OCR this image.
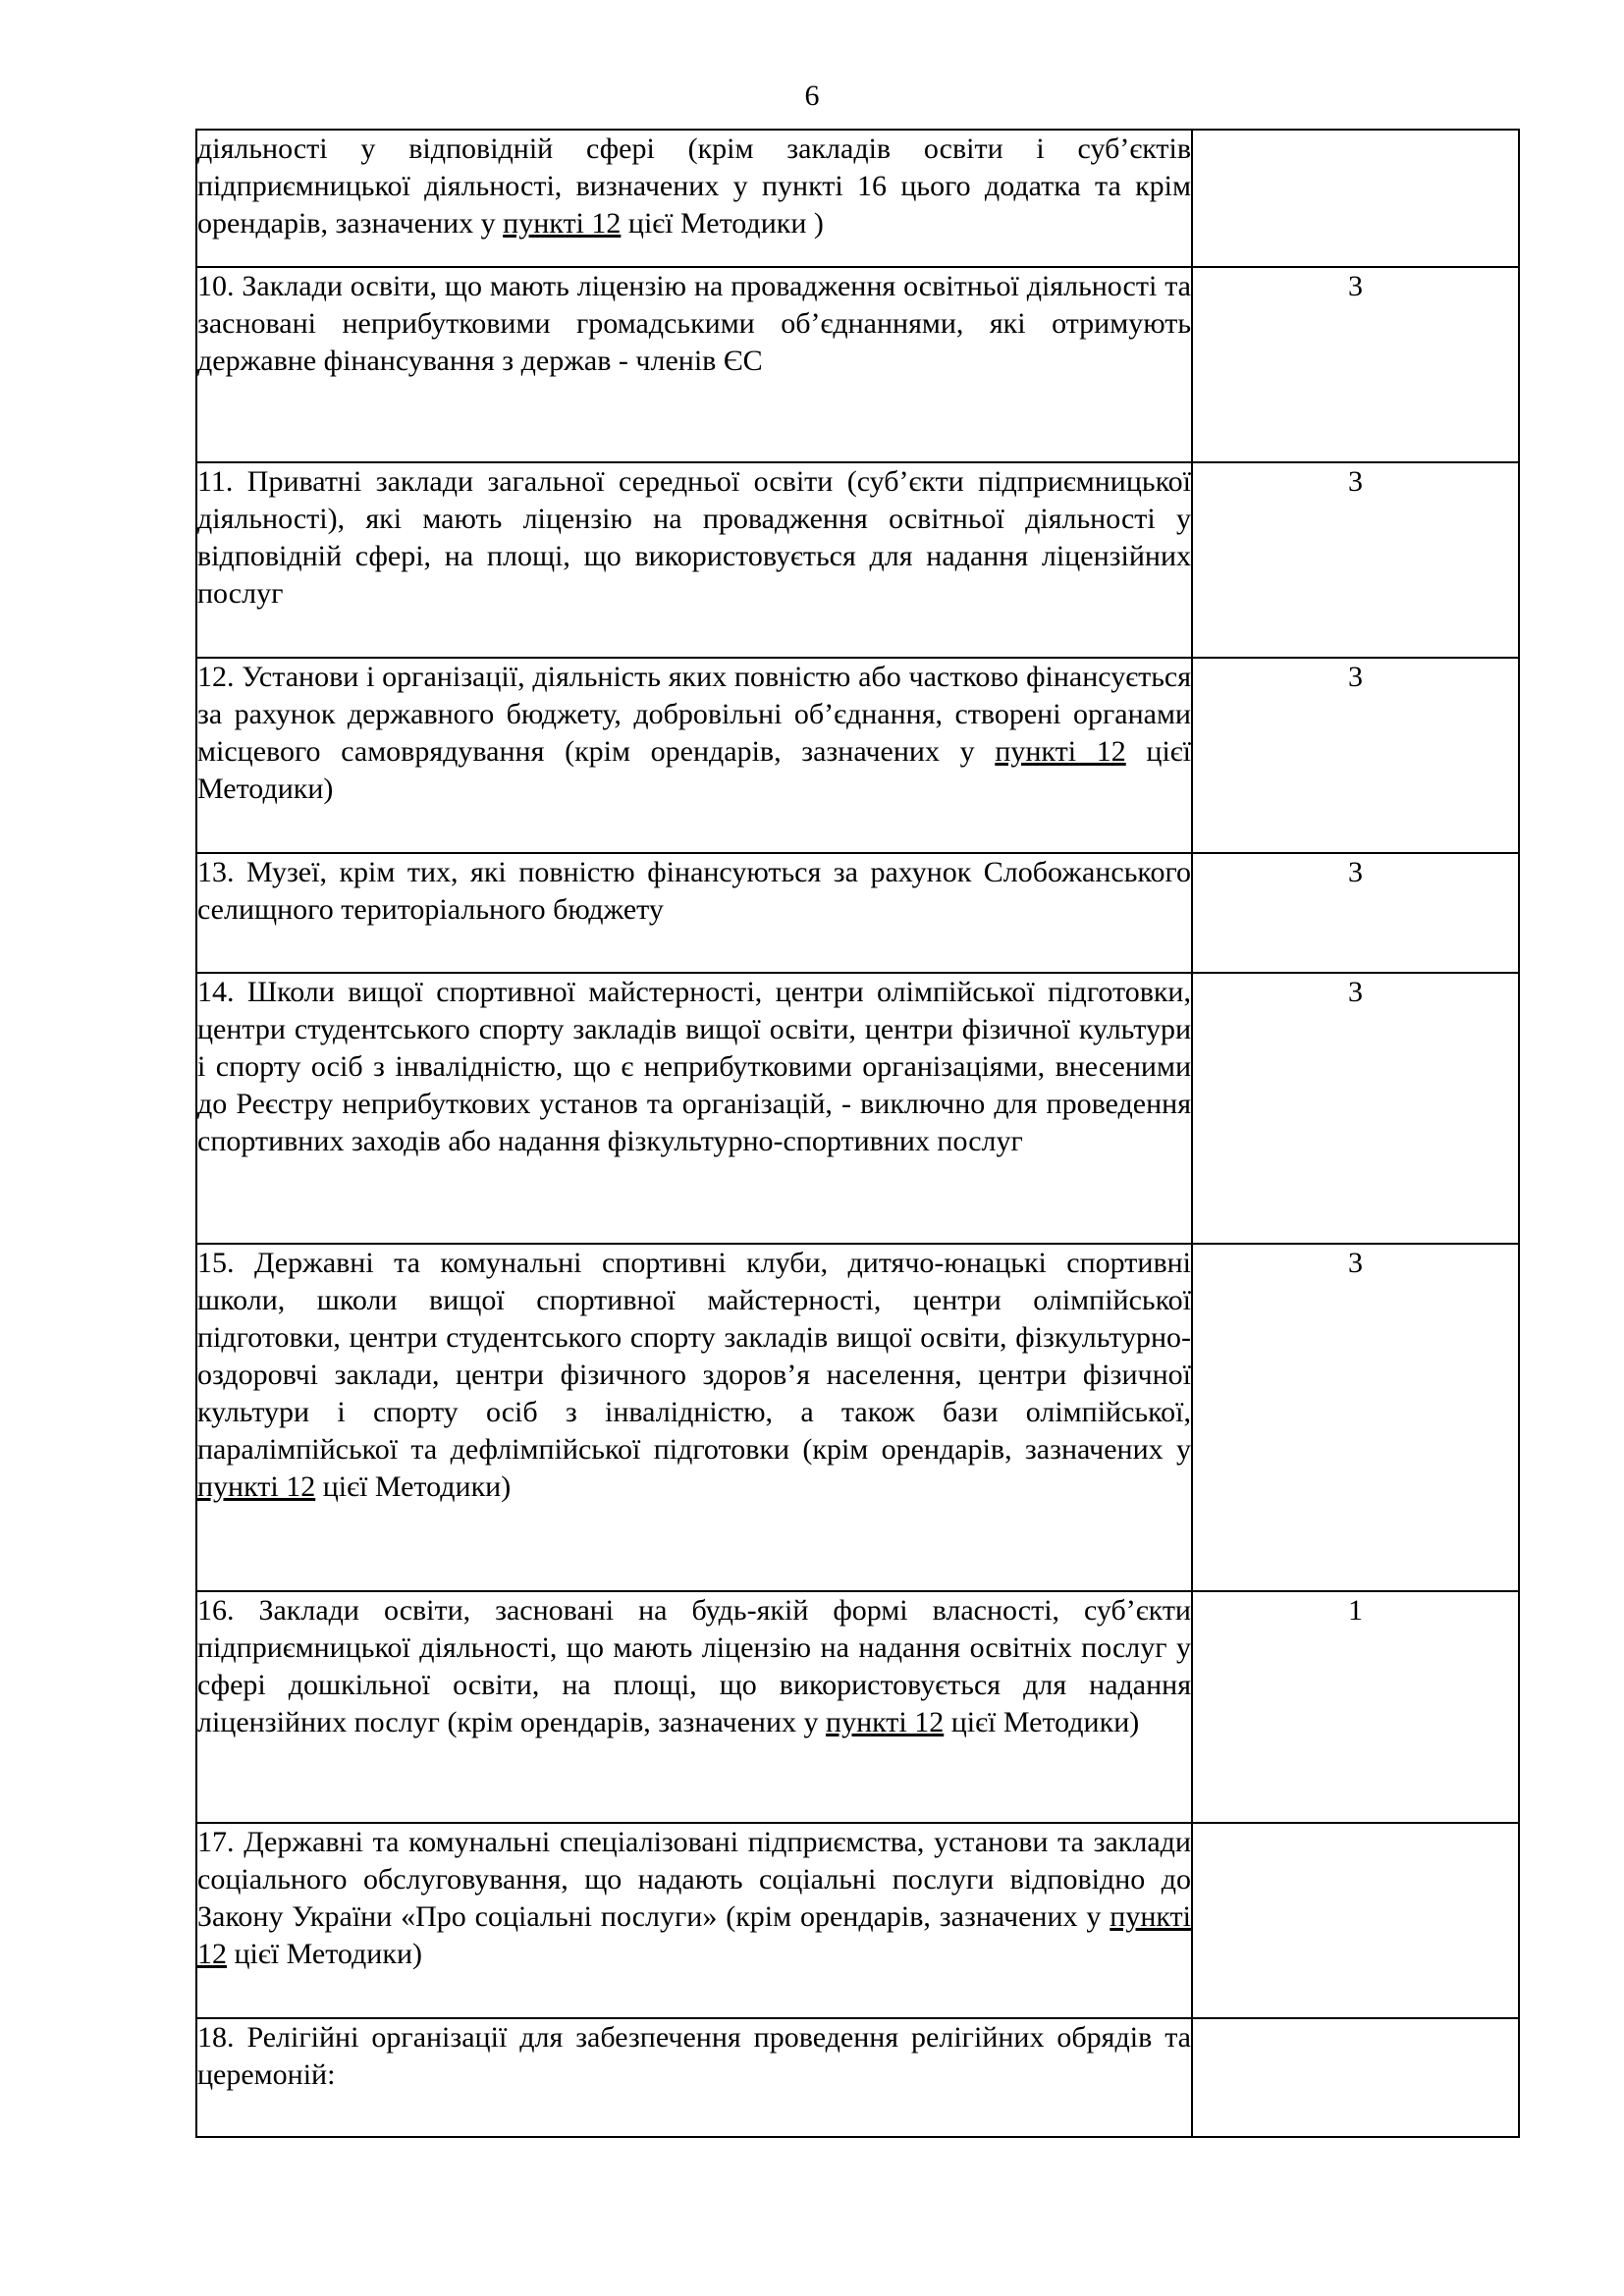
6

діяльності у відповідній сфері (крім закладів освіти і суб’єктів підприємницької діяльності, визначених у пункті 16 цього додатка та крім орендарів, зазначених у пункті 12 цієї Методики )	

10. Заклади освіти, що мають ліцензію на провадження освітньої діяльності та засновані неприбутковими громадськими об’єднаннями, які отримують державне фінансування з держав - членів ЄС	3

11. Приватні заклади загальної середньої освіти (суб’єкти підприємницької діяльності), які мають ліцензію на провадження освітньої діяльності у відповідній сфері, на площі, що використовується для надання ліцензійних послуг	3

12. Установи і організації, діяльність яких повністю або частково фінансується за рахунок державного бюджету, добровільні об’єднання, створені органами місцевого самоврядування (крім орендарів, зазначених у пункті 12 цієї Методики)	3

13. Музеї, крім тих, які повністю фінансуються за рахунок Слобожанського селищного територіального бюджету	3

14. Школи вищої спортивної майстерності, центри олімпійської підготовки, центри студентського спорту закладів вищої освіти, центри фізичної культури і спорту осіб з інвалідністю, що є неприбутковими організаціями, внесеними до Реєстру неприбуткових установ та організацій, - виключно для проведення спортивних заходів або надання фізкультурно-спортивних послуг	3

15. Державні та комунальні спортивні клуби, дитячо-юнацькі спортивні школи, школи вищої спортивної майстерності, центри олімпійської підготовки, центри студентського спорту закладів вищої освіти, фізкультурно-оздоровчі заклади, центри фізичного здоров’я населення, центри фізичної культури і спорту осіб з інвалідністю, а також бази олімпійської, паралімпійської та дефлімпійської підготовки (крім орендарів, зазначених у пункті 12 цієї Методики)	3

16. Заклади освіти, засновані на будь-якій формі власності, суб’єкти підприємницької діяльності, що мають ліцензію на надання освітніх послуг у сфері дошкільної освіти, на площі, що використовується для надання ліцензійних послуг (крім орендарів, зазначених у пункті 12 цієї Методики)	1

17. Державні та комунальні спеціалізовані підприємства, установи та заклади соціального обслуговування, що надають соціальні послуги відповідно до Закону України «Про соціальні послуги» (крім орендарів, зазначених у пункті 12 цієї Методики)	

18. Релігійні організації для забезпечення проведення релігійних обрядів та церемоній:	
